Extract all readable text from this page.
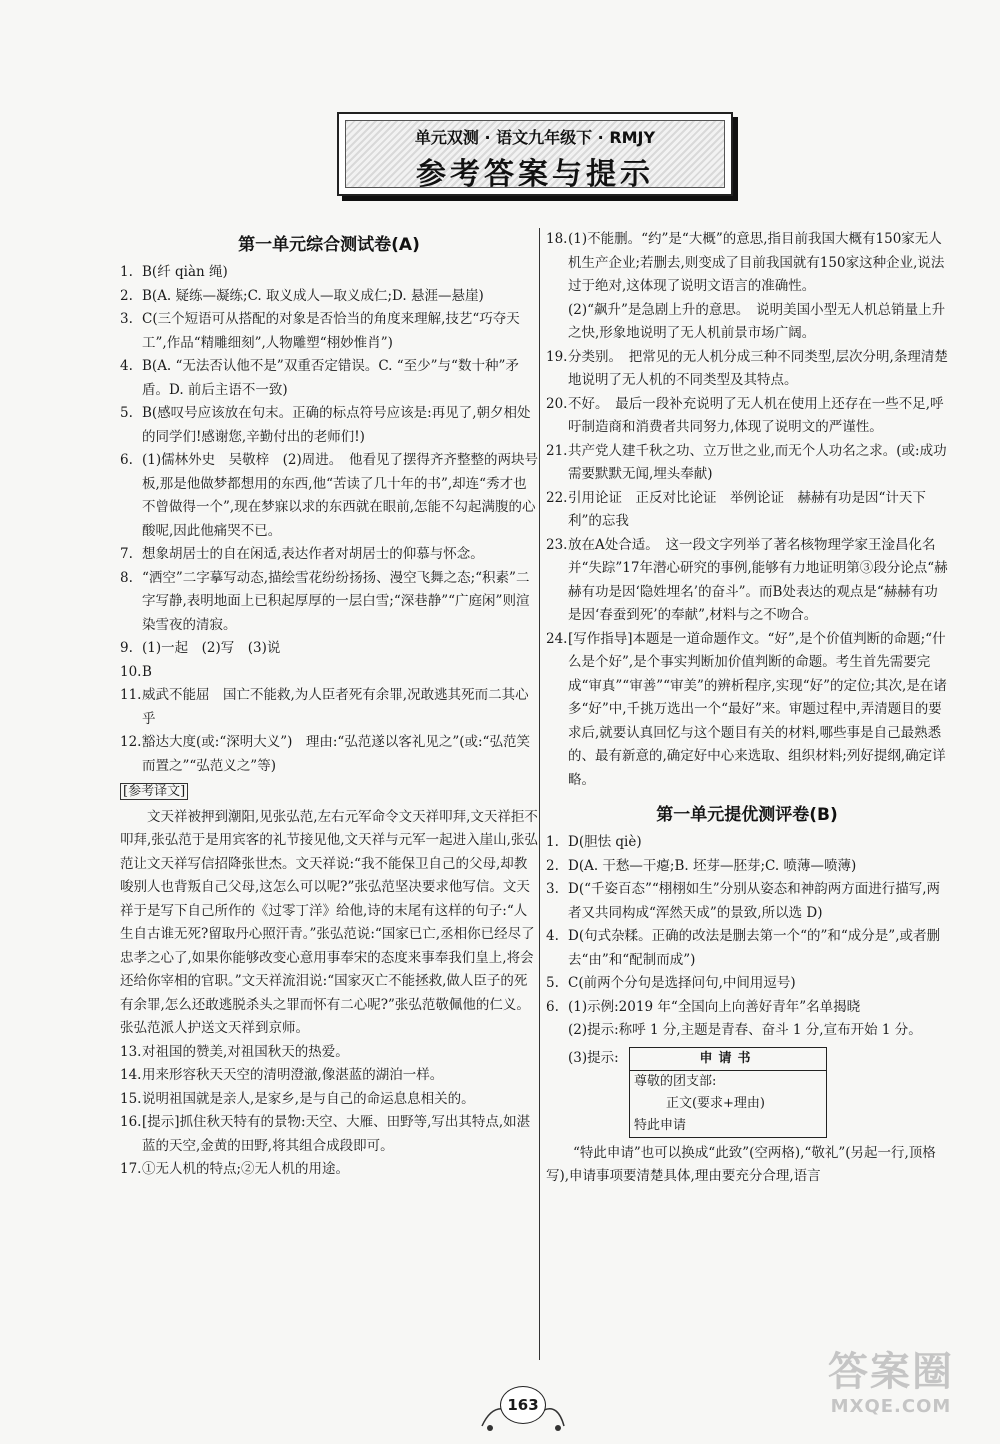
单元双测 · 语文九年级下 · RMJY
参考答案与提示
第一单元综合测试卷(A)

1. B(纤 qiàn 绳)

2. B(A. 疑练—凝练;C. 取义成人—取义成仁;D. 悬涯—悬崖)

3. C(三个短语可从搭配的对象是否恰当的角度来理解,技艺“巧夺天工”,作品“精雕细刻”,人物雕塑“栩妙惟肖”)

4. B(A. “无法否认他不是”双重否定错误。C. “至少”与“数十种”矛盾。D. 前后主语不一致)

5. B(感叹号应该放在句末。正确的标点符号应该是:再见了,朝夕相处的同学们!感谢您,辛勤付出的老师们!)

6. (1)儒林外史　吴敬梓　(2)周进。　他看见了摆得齐齐整整的两块号板,那是他做梦都想用的东西,他“苦读了几十年的书”,却连“秀才也不曾做得一个”,现在梦寐以求的东西就在眼前,怎能不勾起满腹的心酸呢,因此他痛哭不已。

7. 想象胡居士的自在闲适,表达作者对胡居士的仰慕与怀念。

8. “洒空”二字摹写动态,描绘雪花纷纷扬扬、漫空飞舞之态;“积素”二字写静,表明地面上已积起厚厚的一层白雪;“深巷静”“广庭闲”则渲染雪夜的清寂。

9. (1)一起　(2)写　(3)说

10.B

11.威武不能屈　国亡不能救,为人臣者死有余罪,况敢逃其死而二其心乎

12.豁达大度(或:“深明大义”)　理由:“弘范遂以客礼见之”(或:“弘范笑而置之”“弘范义之”等)

[参考译文]

文天祥被押到潮阳,见张弘范,左右元军命令文天祥叩拜,文天祥拒不叩拜,张弘范于是用宾客的礼节接见他,文天祥与元军一起进入崖山,张弘范让文天祥写信招降张世杰。文天祥说:“我不能保卫自己的父母,却教唆别人也背叛自己父母,这怎么可以呢?”张弘范坚决要求他写信。文天祥于是写下自己所作的《过零丁洋》给他,诗的末尾有这样的句子:“人生自古谁无死?留取丹心照汗青。”张弘范说:“国家已亡,丞相你已经尽了忠孝之心了,如果你能够改变心意用事奉宋的态度来事奉我们皇上,将会还给你宰相的官职。”文天祥流泪说:“国家灭亡不能拯救,做人臣子的死有余罪,怎么还敢逃脱杀头之罪而怀有二心呢?”张弘范敬佩他的仁义。张弘范派人护送文天祥到京师。

13.对祖国的赞美,对祖国秋天的热爱。

14.用来形容秋天天空的清明澄澈,像湛蓝的湖泊一样。

15.说明祖国就是亲人,是家乡,是与自己的命运息息相关的。

16.[提示]抓住秋天特有的景物:天空、大雁、田野等,写出其特点,如湛蓝的天空,金黄的田野,将其组合成段即可。

17.①无人机的特点;②无人机的用途。

18.(1)不能删。“约”是“大概”的意思,指目前我国大概有150家无人机生产企业;若删去,则变成了目前我国就有150家这种企业,说法过于绝对,这体现了说明文语言的准确性。

(2)“飙升”是急剧上升的意思。　说明美国小型无人机总销量上升之快,形象地说明了无人机前景市场广阔。

19.分类别。　把常见的无人机分成三种不同类型,层次分明,条理清楚地说明了无人机的不同类型及其特点。

20.不好。　最后一段补充说明了无人机在使用上还存在一些不足,呼吁制造商和消费者共同努力,体现了说明文的严谨性。

21.共产党人建千秋之功、立万世之业,而无个人功名之求。(或:成功需要默默无闻,埋头奉献)

22.引用论证　正反对比论证　举例论证　赫赫有功是因“计天下利”的忘我

23.放在A处合适。　这一段文字列举了著名核物理学家王淦昌化名并“失踪”17年潜心研究的事例,能够有力地证明第③段分论点“赫赫有功是因‘隐姓埋名’的奋斗”。而B处表达的观点是“赫赫有功是因‘春蚕到死’的奉献”,材料与之不吻合。

24.[写作指导]本题是一道命题作文。“好”,是个价值判断的命题;“什么是个好”,是个事实判断加价值判断的命题。考生首先需要完成“审真”“审善”“审美”的辨析程序,实现“好”的定位;其次,是在诸多“好”中,千挑万选出一个“最好”来。审题过程中,弄清题目的要求后,就要认真回忆与这个题目有关的材料,哪些事是自己最熟悉的、最有新意的,确定好中心来选取、组织材料;列好提纲,确定详略。

第一单元提优测评卷(B)

1. D(胆怯 qiè)

2. D(A. 干愁—干瘪;B. 坯芽—胚芽;C. 喷薄—喷薄)

3. D(“千姿百态”“栩栩如生”分别从姿态和神韵两方面进行描写,两者又共同构成“浑然天成”的景致,所以选 D)

4. D(句式杂糅。正确的改法是删去第一个“的”和“成分是”,或者删去“由”和“配制而成”)

5. C(前两个分句是选择问句,中间用逗号)

6. (1)示例:2019 年“全国向上向善好青年”名单揭晓

(2)提示:称呼 1 分,主题是青春、奋斗 1 分,宣布开始 1 分。

(3)提示:	申请书
尊敬的团支部:
正文(要求+理由)
特此申请

“特此申请”也可以换成“此致”(空两格),“敬礼”(另起一行,顶格写),申请事项要清楚具体,理由要充分合理,语言

163
答案圈
MXQE.COM
